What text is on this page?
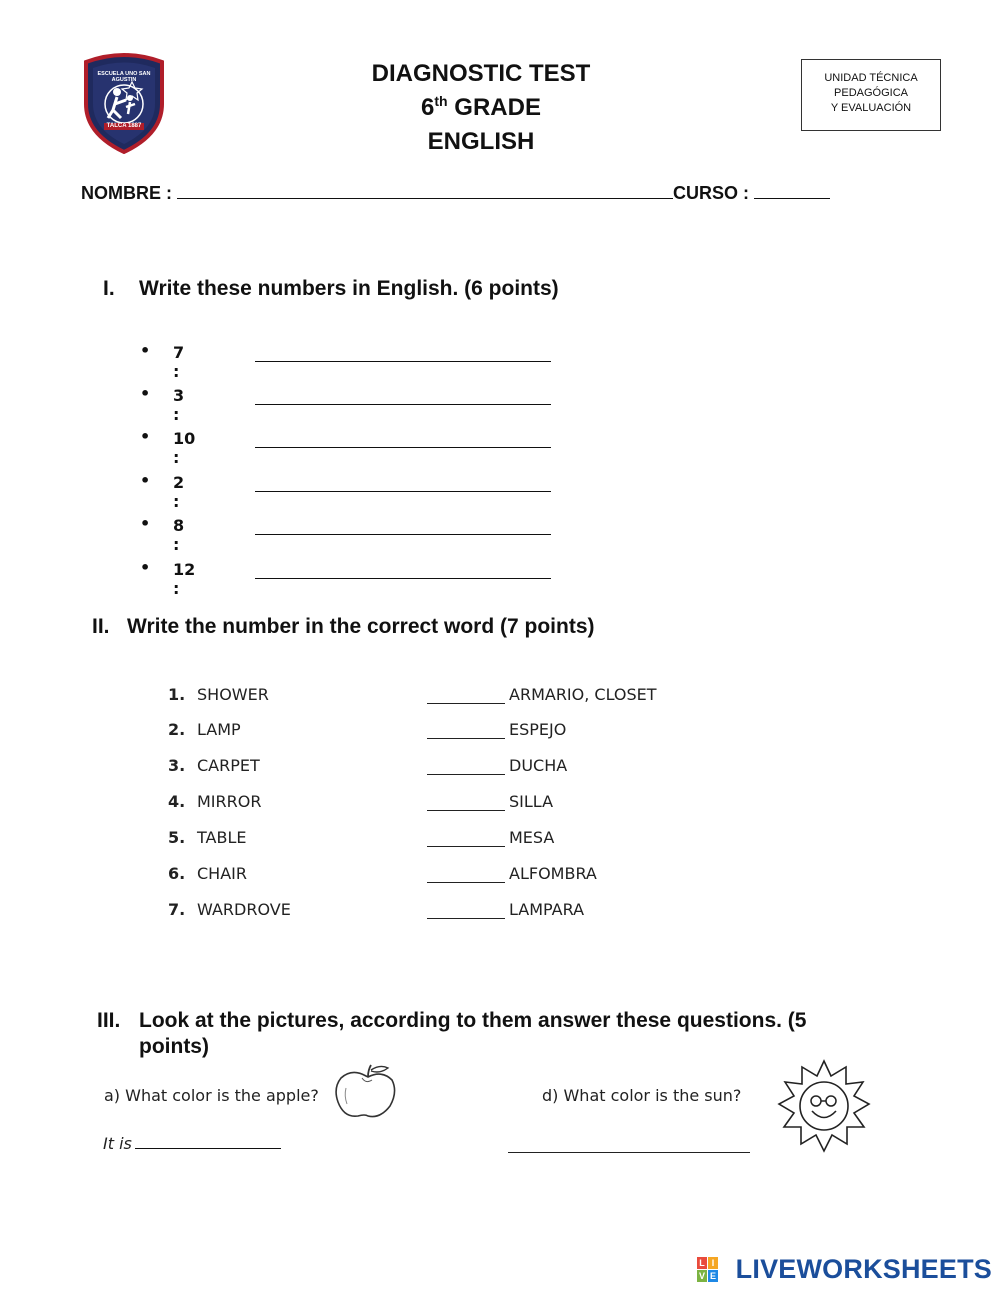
ESCUELA UNO SAN AGUSTIN
TALCA 1887
DIAGNOSTIC TEST
6th GRADE
ENGLISH
UNIDAD TÉCNICA
PEDAGÓGICA
Y EVALUACIÓN
NOMBRE :	CURSO :
I. Write these numbers in English. (6 points)
• 7 :
• 3 :
• 10 :
• 2 :
• 8 :
• 12 :
II. Write the number in the correct word (7 points)
1. SHOWER	ARMARIO, CLOSET
2. LAMP	ESPEJO
3. CARPET	DUCHA
4. MIRROR	SILLA
5. TABLE	MESA
6. CHAIR	ALFOMBRA
7. WARDROVE	LAMPARA
III. Look at the pictures, according to them answer these questions. (5
points)
a) What color is the apple?	d) What color is the sun?
It is
L I
V E LIVEWORKSHEETS
